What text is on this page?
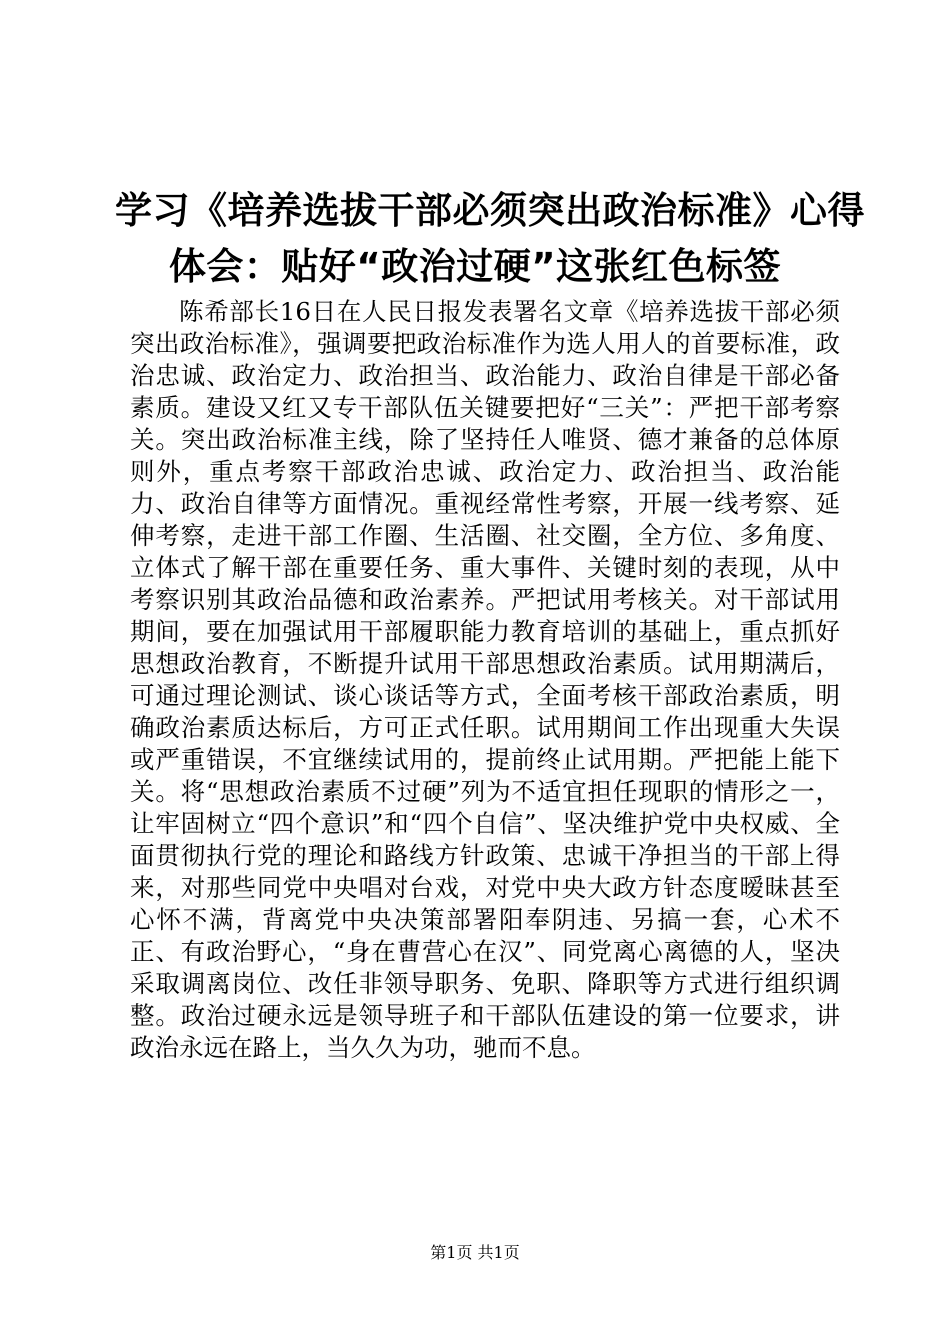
学习《培养选拔干部必须突出政治标准》心得
体会：贴好“政治过硬”这张红色标签

陈希部长16日在人民日报发表署名文章《培养选拔干部必须突出政治标准》，强调要把政治标准作为选人用人的首要标准，政治忠诚、政治定力、政治担当、政治能力、政治自律是干部必备素质。建设又红又专干部队伍关键要把好“三关”：严把干部考察关。突出政治标准主线，除了坚持任人唯贤、德才兼备的总体原则外，重点考察干部政治忠诚、政治定力、政治担当、政治能力、政治自律等方面情况。重视经常性考察，开展一线考察、延伸考察，走进干部工作圈、生活圈、社交圈，全方位、多角度、立体式了解干部在重要任务、重大事件、关键时刻的表现，从中考察识别其政治品德和政治素养。严把试用考核关。对干部试用期间，要在加强试用干部履职能力教育培训的基础上，重点抓好思想政治教育，不断提升试用干部思想政治素质。试用期满后，可通过理论测试、谈心谈话等方式，全面考核干部政治素质，明确政治素质达标后，方可正式任职。试用期间工作出现重大失误或严重错误，不宜继续试用的，提前终止试用期。严把能上能下关。将“思想政治素质不过硬”列为不适宜担任现职的情形之一，让牢固树立“四个意识”和“四个自信”、坚决维护党中央权威、全面贯彻执行党的理论和路线方针政策、忠诚干净担当的干部上得来，对那些同党中央唱对台戏，对党中央大政方针态度暧昧甚至心怀不满，背离党中央决策部署阳奉阴违、另搞一套，心术不正、有政治野心，“身在曹营心在汉”、同党离心离德的人，坚决采取调离岗位、改任非领导职务、免职、降职等方式进行组织调整。政治过硬永远是领导班子和干部队伍建设的第一位要求，讲政治永远在路上，当久久为功，驰而不息。

第1页 共1页
